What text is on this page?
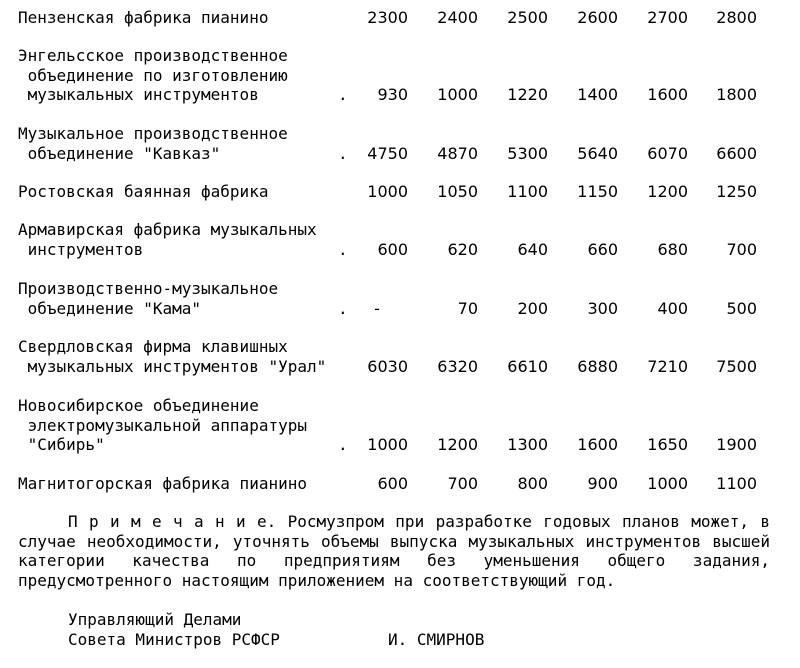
Пензенская фабрика пианино	2300	2400	2500	2600	2700	2800
Энгельсское производственное
объединение по изготовлению
музыкальных инструментов	.	930	1000	1220	1400	1600	1800
Музыкальное производственное
объединение "Кавказ"	.	4750	4870	5300	5640	6070	6600
Ростовская баянная фабрика	1000	1050	1100	1150	1200	1250
Армавирская фабрика музыкальных
инструментов	.	600	620	640	660	680	700
Производственно-музыкальное
объединение "Кама"	.	-	70	200	300	400	500
Свердловская фирма клавишных
музыкальных инструментов "Урал"	6030	6320	6610	6880	7210	7500
Новосибирское объединение
электромузыкальной аппаратуры
"Сибирь"	.	1000	1200	1300	1600	1650	1900
Магнитогорская фабрика пианино	600	700	800	900	1000	1100
П р и м е ч а н и е. Росмузпром при разработке годовых планов может, в случае необходимости, уточнять объемы выпуска музыкальных инструментов высшей категории качества по предприятиям без уменьшения общего задания, предусмотренного настоящим приложением на соответствующий год.
Управляющий Делами
Совета Министров РСФСР	И. СМИРНОВ
